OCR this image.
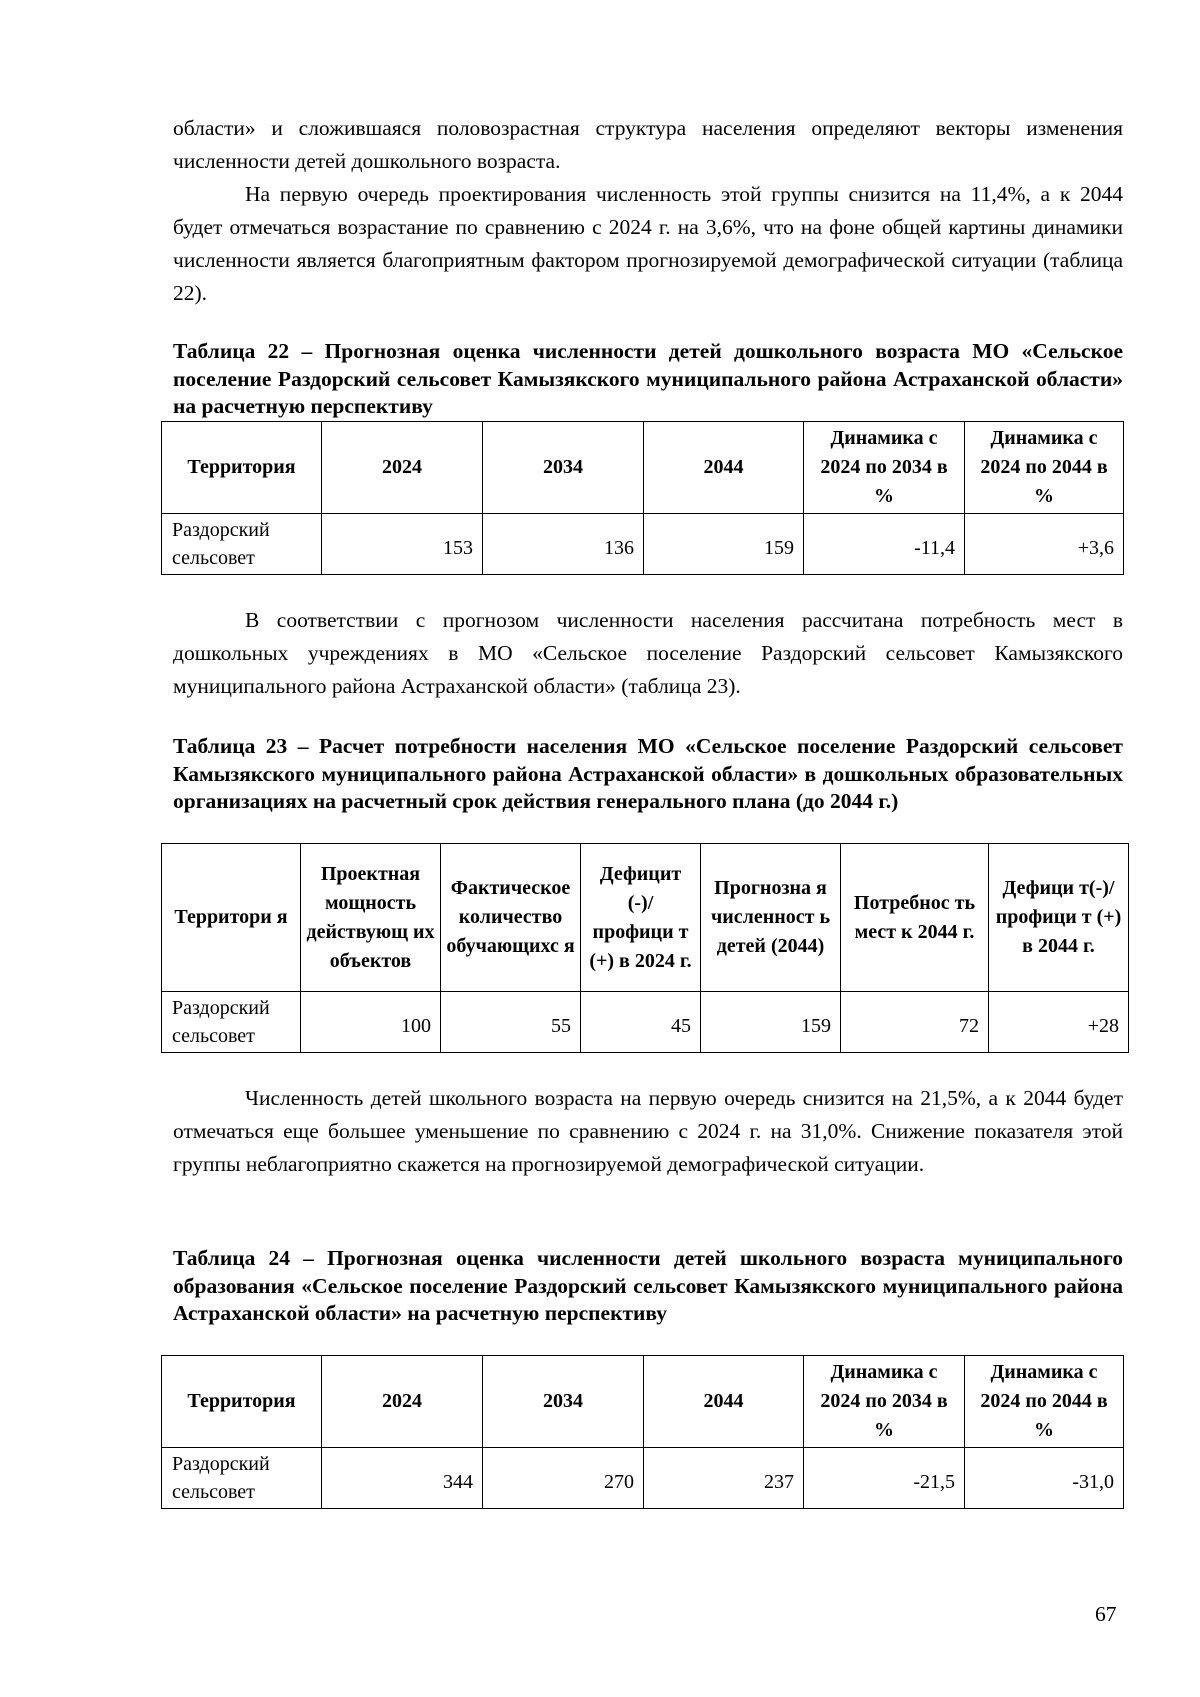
области» и сложившаяся половозрастная структура населения определяют векторы изменения численности детей дошкольного возраста.

На первую очередь проектирования численность этой группы снизится на 11,4%, а к 2044 будет отмечаться возрастание по сравнению с 2024 г. на 3,6%, что на фоне общей картины динамики численности является благоприятным фактором прогнозируемой демографической ситуации (таблица 22).

Таблица 22 – Прогнозная оценка численности детей дошкольного возраста МО «Сельское поселение Раздорский сельсовет Камызякского муниципального района Астраханской области» на расчетную перспективу

Территория	2024	2034	2044	Динамика с 2024 по 2034 в %	Динамика с 2024 по 2044 в %
Раздорский сельсовет	153	136	159	-11,4	+3,6

В соответствии с прогнозом численности населения рассчитана потребность мест в дошкольных учреждениях в МО «Сельское поселение Раздорский сельсовет Камызякского муниципального района Астраханской области» (таблица 23).

Таблица 23 – Расчет потребности населения МО «Сельское поселение Раздорский сельсовет Камызякского муниципального района Астраханской области» в дошкольных образовательных организациях на расчетный срок действия генерального плана (до 2044 г.)

Территори я	Проектная мощность действующ их объектов	Фактическое количество обучающихс я	Дефицит (-)/ профици т (+) в 2024 г.	Прогнозна я численност ь детей (2044)	Потребнос ть мест к 2044 г.	Дефици т(-)/ профици т (+) в 2044 г.
Раздорский сельсовет	100	55	45	159	72	+28

Численность детей школьного возраста на первую очередь снизится на 21,5%, а к 2044 будет отмечаться еще большее уменьшение по сравнению с 2024 г. на 31,0%. Снижение показателя этой группы неблагоприятно скажется на прогнозируемой демографической ситуации.

Таблица 24 – Прогнозная оценка численности детей школьного возраста муниципального образования «Сельское поселение Раздорский сельсовет Камызякского муниципального района Астраханской области» на расчетную перспективу

Территория	2024	2034	2044	Динамика с 2024 по 2034 в %	Динамика с 2024 по 2044 в %
Раздорский сельсовет	344	270	237	-21,5	-31,0
67
